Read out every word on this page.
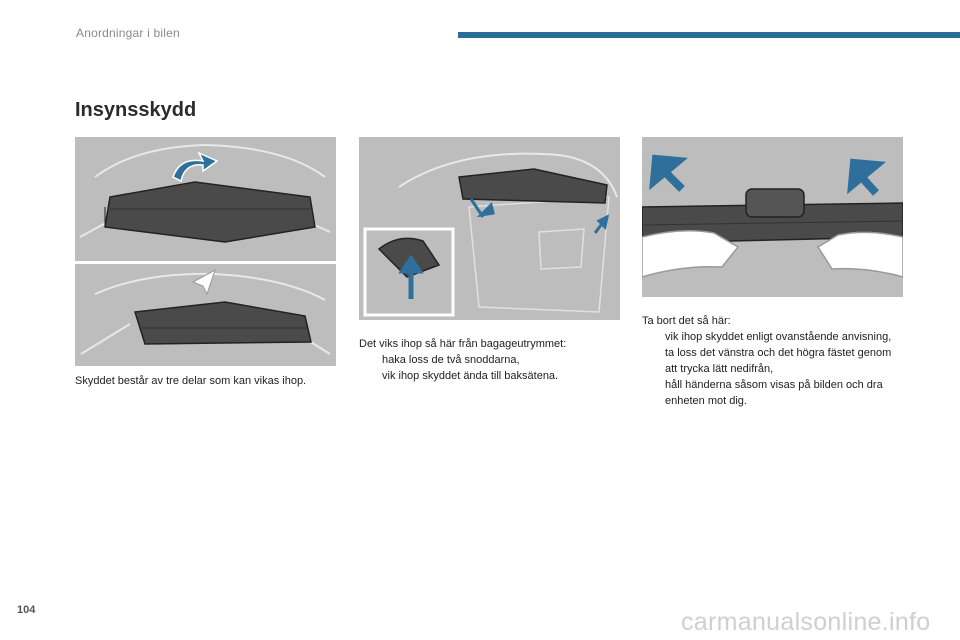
Anordningar i bilen
Insynsskydd

Skyddet består av tre delar som kan vikas ihop.

Det viks ihop så här från bagageutrymmet:

haka loss de två snoddarna,
vik ihop skyddet ända till baksätena.

Ta bort det så här:

vik ihop skyddet enligt ovanstående anvisning,
ta loss det vänstra och det högra fästet genom att trycka lätt nedifrån,
håll händerna såsom visas på bilden och dra enheten mot dig.
104	carmanualsonline.info
